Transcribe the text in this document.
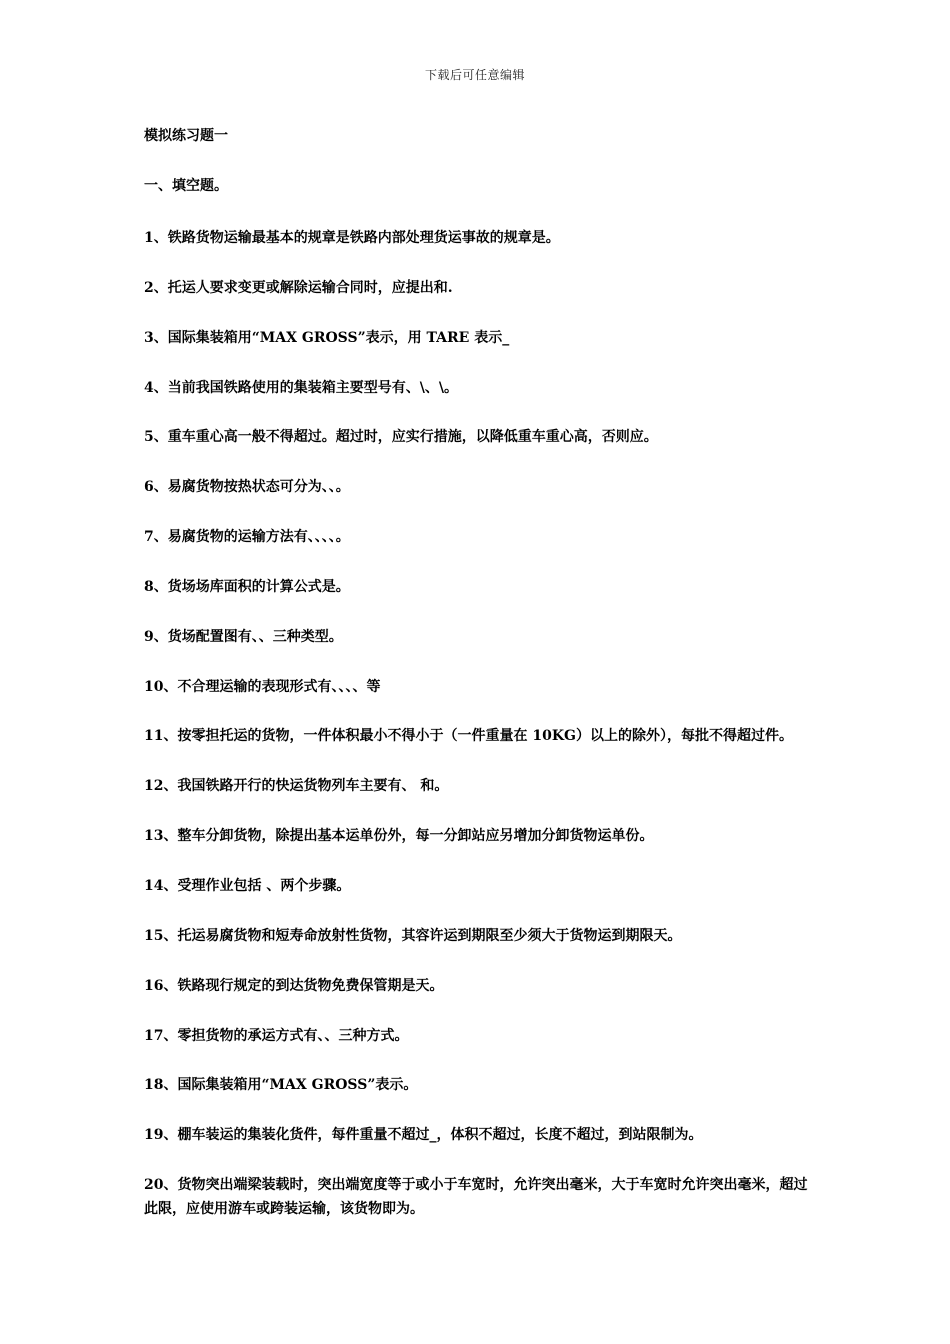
下载后可任意编辑
模拟练习题一
一、填空题。
1、铁路货物运输最基本的规章是铁路内部处理货运事故的规章是。
2、托运人要求变更或解除运输合同时，应提出和.
3、国际集装箱用“MAX GROSS”表示，用 TARE 表示_
4、当前我国铁路使用的集装箱主要型号有、\、\。
5、重车重心高一般不得超过。超过时，应实行措施，以降低重车重心高，否则应。
6、易腐货物按热状态可分为、、。
7、易腐货物的运输方法有、、、、。
8、货场场库面积的计算公式是。
9、货场配置图有、、三种类型。
10、不合理运输的表现形式有、、、、等
11、按零担托运的货物，一件体积最小不得小于（一件重量在 10KG）以上的除外），每批不得超过件。
12、我国铁路开行的快运货物列车主要有、 和。
13、整车分卸货物，除提出基本运单份外，每一分卸站应另增加分卸货物运单份。
14、受理作业包括 、两个步骤。
15、托运易腐货物和短寿命放射性货物，其容许运到期限至少须大于货物运到期限天。
16、铁路现行规定的到达货物免费保管期是天。
17、零担货物的承运方式有、、三种方式。
18、国际集装箱用“MAX GROSS”表示。
19、棚车装运的集装化货件，每件重量不超过_，体积不超过，长度不超过，到站限制为。
20、货物突出端梁装载时，突出端宽度等于或小于车宽时，允许突出毫米，大于车宽时允许突出毫米，超过此限，应使用游车或跨装运输，该货物即为。
